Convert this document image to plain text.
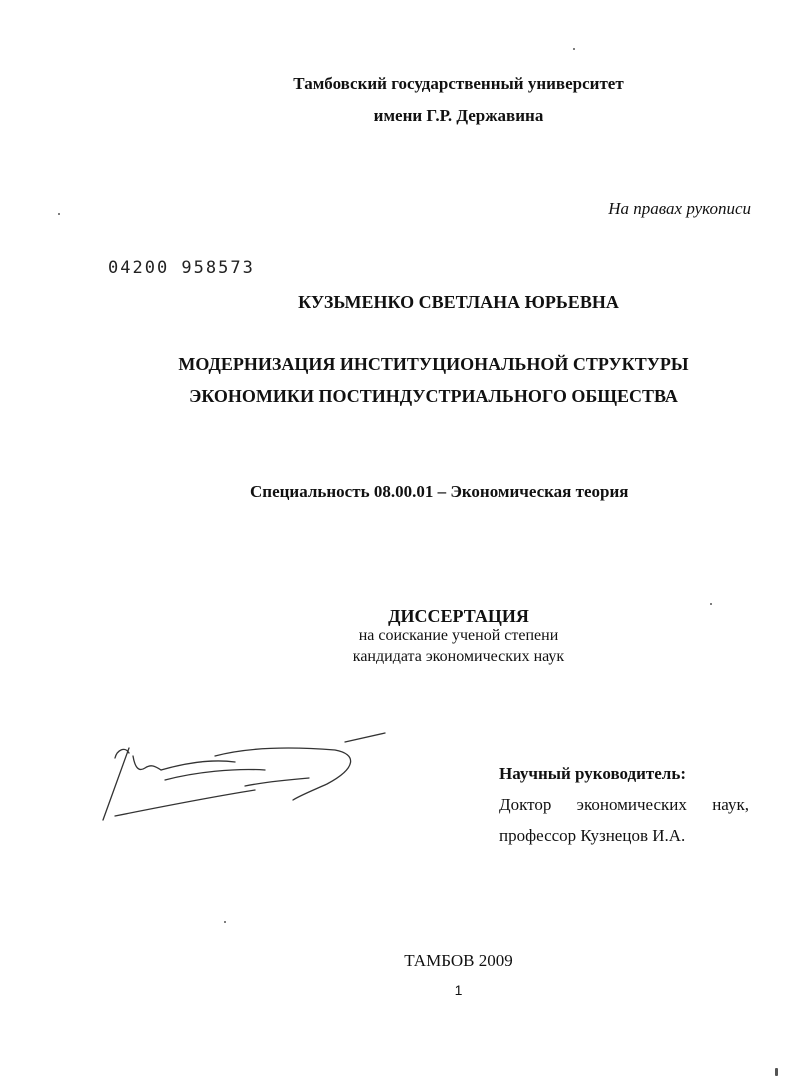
Тамбовский государственный университет
имени Г.Р. Державина
На правах рукописи
04200 958573
КУЗЬМЕНКО СВЕТЛАНА ЮРЬЕВНА
МОДЕРНИЗАЦИЯ ИНСТИТУЦИОНАЛЬНОЙ СТРУКТУРЫ
ЭКОНОМИКИ ПОСТИНДУСТРИАЛЬНОГО ОБЩЕСТВА
Специальность 08.00.01 – Экономическая теория
ДИССЕРТАЦИЯ
на соискание ученой степени
кандидата экономических наук
Научный руководитель:
Доктор экономических наук,
профессор Кузнецов И.А.
ТАМБОВ 2009
1
